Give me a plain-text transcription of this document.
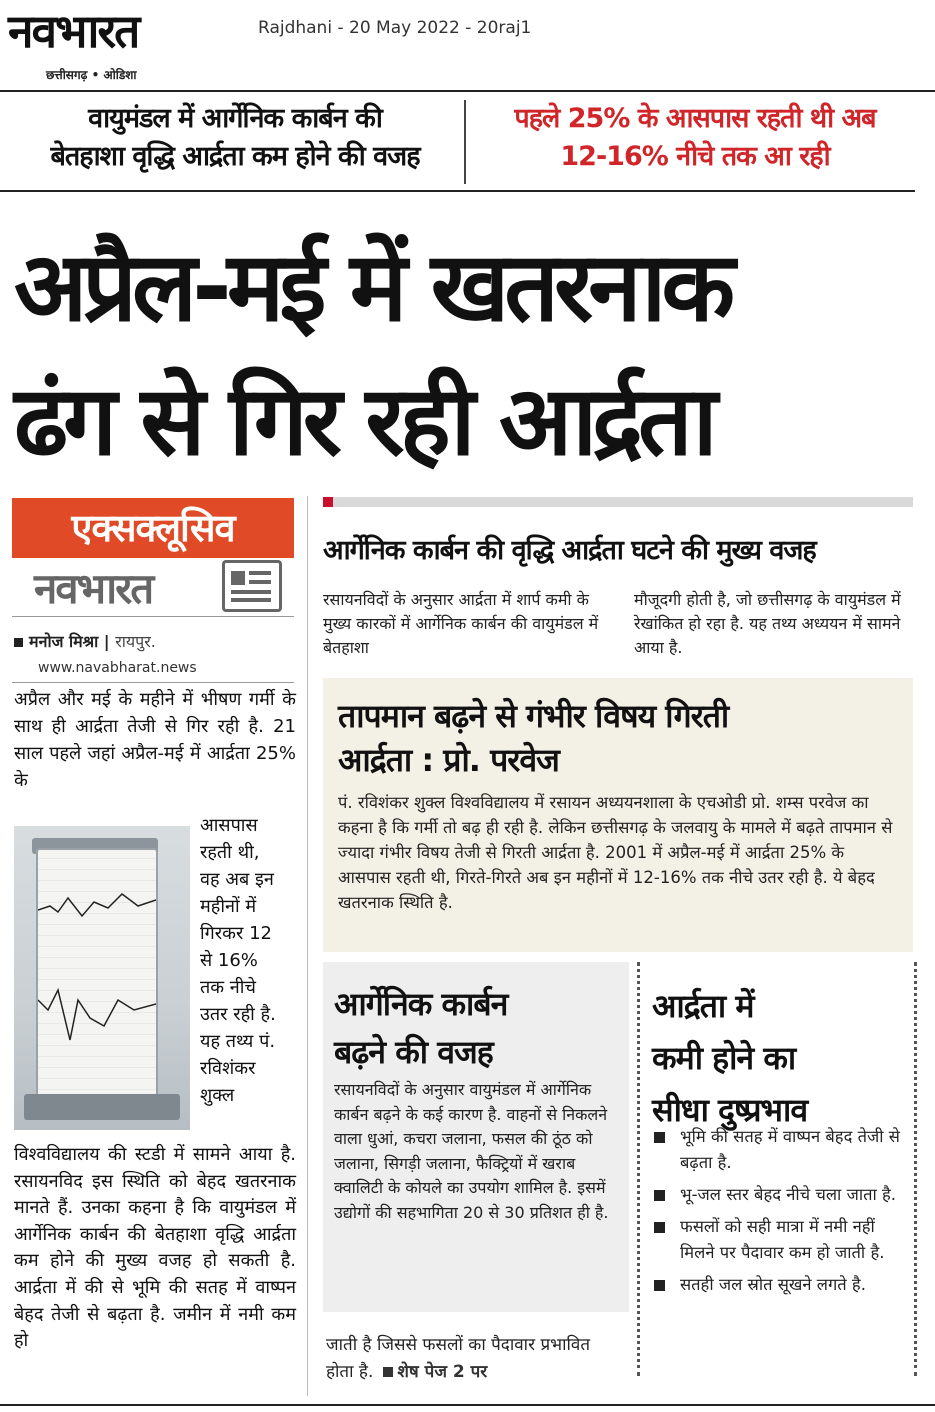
नवभारत
छत्तीसगढ़ • ओडिशा
Rajdhani - 20 May 2022 - 20raj1
वायुमंडल में आर्गेनिक कार्बन की
बेतहाशा वृद्धि आर्द्रता कम होने की वजह
पहले 25% के आसपास रहती थी अब
12-16% नीचे तक आ रही
अप्रैल-मई में खतरनाक
ढंग से गिर रही आर्द्रता
एक्सक्लूसिव
नवभारत
मनोज मिश्रा | रायपुर.
www.navabharat.news
अप्रैल और मई के महीने में भीषण गर्मी के साथ ही आर्द्रता तेजी से गिर रही है. 21 साल पहले जहां अप्रैल-मई में आर्द्रता 25% के
आसपास
रहती थी,
वह अब इन
महीनों में
गिरकर 12
से 16%
तक नीचे
उतर रही है.
यह तथ्य पं.
रविशंकर
शुक्ल
विश्वविद्यालय की स्टडी में सामने आया है. रसायनविद इस स्थिति को बेहद खतरनाक मानते हैं. उनका कहना है कि वायुमंडल में आर्गेनिक कार्बन की बेतहाशा वृद्धि आर्द्रता कम होने की मुख्य वजह हो सकती है. आर्द्रता में की से भूमि की सतह में वाष्पन बेहद तेजी से बढ़ता है. जमीन में नमी कम हो
आर्गेनिक कार्बन की वृद्धि आर्द्रता घटने की मुख्य वजह
रसायनविदों के अनुसार आर्द्रता में शार्प कमी के मुख्य कारकों में आर्गेनिक कार्बन की वायुमंडल में बेतहाशा
मौजूदगी होती है, जो छत्तीसगढ़ के वायुमंडल में रेखांकित हो रहा है. यह तथ्य अध्ययन में सामने आया है.
तापमान बढ़ने से गंभीर विषय गिरती
आर्द्रता : प्रो. परवेज
पं. रविशंकर शुक्ल विश्वविद्यालय में रसायन अध्ययनशाला के एचओडी प्रो. शम्स परवेज का कहना है कि गर्मी तो बढ़ ही रही है. लेकिन छत्तीसगढ़ के जलवायु के मामले में बढ़ते तापमान से ज्यादा गंभीर विषय तेजी से गिरती आर्द्रता है. 2001 में अप्रैल-मई में आर्द्रता 25% के आसपास रहती थी, गिरते-गिरते अब इन महीनों में 12-16% तक नीचे उतर रही है. ये बेहद खतरनाक स्थिति है.
आर्गेनिक कार्बन
बढ़ने की वजह
रसायनविदों के अनुसार वायुमंडल में आर्गेनिक कार्बन बढ़ने के कई कारण है. वाहनों से निकलने वाला धुआं, कचरा जलाना, फसल की ठूंठ को जलाना, सिगड़ी जलाना, फैक्ट्रियों में खराब क्वालिटी के कोयले का उपयोग शामिल है. इसमें उद्योगों की सहभागिता 20 से 30 प्रतिशत ही है.
आर्द्रता में
कमी होने का
सीधा दुष्प्रभाव
भूमि की सतह में वाष्पन बेहद तेजी से बढ़ता है.
भू-जल स्तर बेहद नीचे चला जाता है.
फसलों को सही मात्रा में नमी नहीं मिलने पर पैदावार कम हो जाती है.
सतही जल स्रोत सूखने लगते है.
जाती है जिससे फसलों का पैदावार प्रभावित होता है. शेष पेज 2 पर
